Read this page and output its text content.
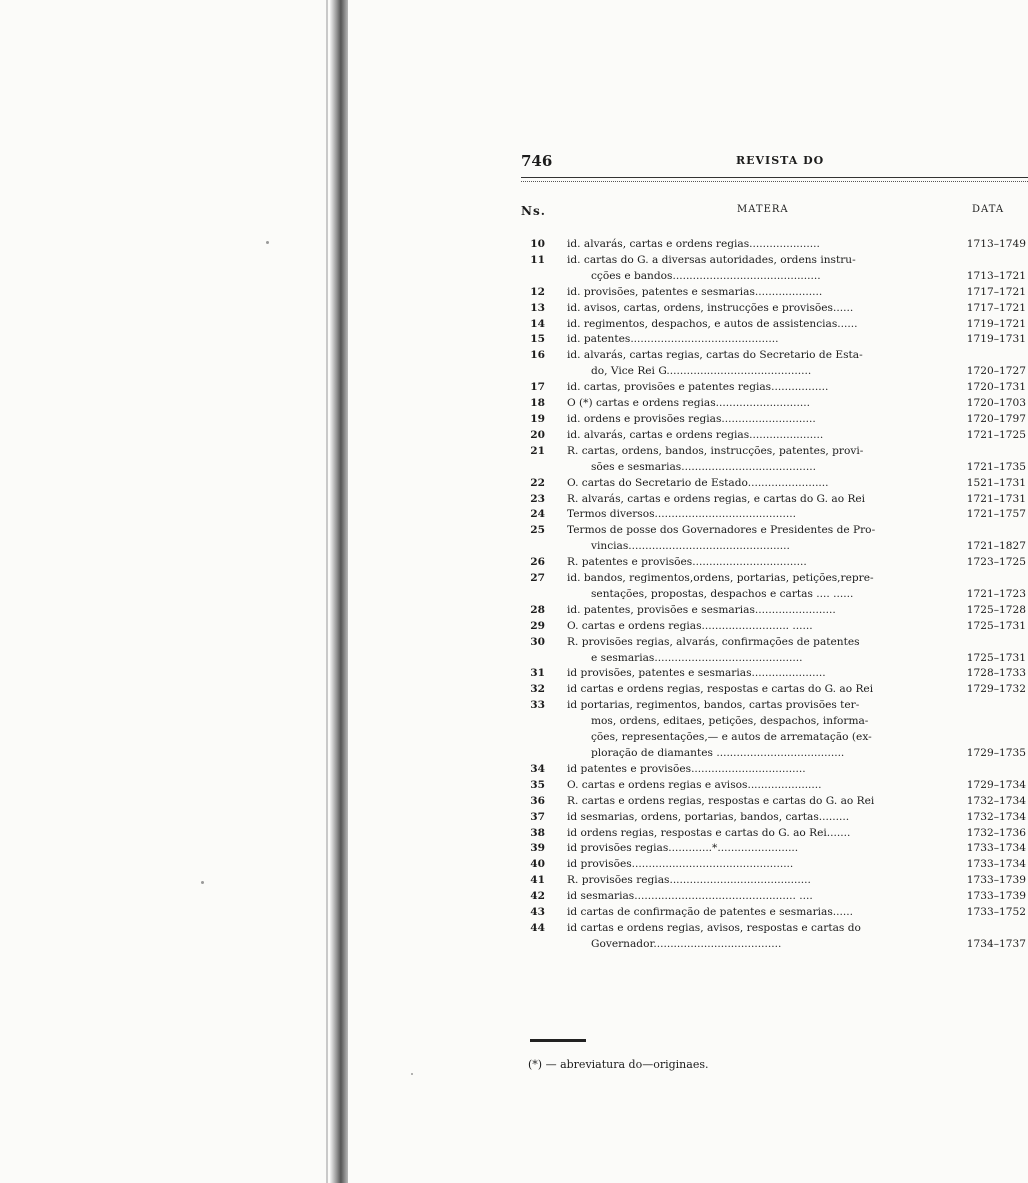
746	REVISTA DO
Ns.	MATERA	DATA
10 id. alvarás, cartas e ordens regias.....................	1713–1749
11 id. cartas do G. a diversas autoridades, ordens instru-
cções e bandos............................................	1713–1721
12 id. provisões, patentes e sesmarias....................	1717–1721
13 id. avisos, cartas, ordens, instrucções e provisões......	1717–1721
14 id. regimentos, despachos, e autos de assistencias......	1719–1721
15 id. patentes............................................	1719–1731
16 id. alvarás, cartas regias, cartas do Secretario de Esta-
do, Vice Rei G...........................................	1720–1727
17 id. cartas, provisões e patentes regias.................	1720–1731
18 O (*) cartas e ordens regias............................	1720–1703
19 id. ordens e provisões regias............................	1720–1797
20 id. alvarás, cartas e ordens regias......................	1721–1725
21 R. cartas, ordens, bandos, instrucções, patentes, provi-
sões e sesmarias........................................	1721–1735
22 O. cartas do Secretario de Estado........................	1521–1731
23 R. alvarás, cartas e ordens regias, e cartas do G. ao Rei	1721–1731
24 Termos diversos..........................................	1721–1757
25 Termos de posse dos Governadores e Presidentes de Pro-
vincias................................................	1721–1827
26 R. patentes e provisões..................................	1723–1725
27 id. bandos, regimentos,ordens, portarias, petições,repre-
sentações, propostas, despachos e cartas .... ......	1721–1723
28 id. patentes, provisões e sesmarias........................	1725–1728
29 O. cartas e ordens regias.......................... ......	1725–1731
30 R. provisões regias, alvarás, confirmações de patentes
e sesmarias............................................	1725–1731
31 id provisões, patentes e sesmarias......................	1728–1733
32 id cartas e ordens regias, respostas e cartas do G. ao Rei	1729–1732
33 id portarias, regimentos, bandos, cartas provisões ter-
mos, ordens, editaes, petições, despachos, informa-
ções, representações,— e autos de arrematação (ex-
ploração de diamantes ......................................	1729–1735
34 id patentes e provisões..................................
35 O. cartas e ordens regias e avisos......................	1729–1734
36 R. cartas e ordens regias, respostas e cartas do G. ao Rei	1732–1734
37 id sesmarias, ordens, portarias, bandos, cartas.........	1732–1734
38 id ordens regias, respostas e cartas do G. ao Rei.......	1732–1736
39 id provisões regias.............*........................	1733–1734
40 id provisões................................................	1733–1734
41 R. provisões regias..........................................	1733–1739
42 id sesmarias................................................ ....	1733–1739
43 id cartas de confirmação de patentes e sesmarias......	1733–1752
44 id cartas e ordens regias, avisos, respostas e cartas do
Governador......................................	1734–1737
(*) — abreviatura do—originaes.
